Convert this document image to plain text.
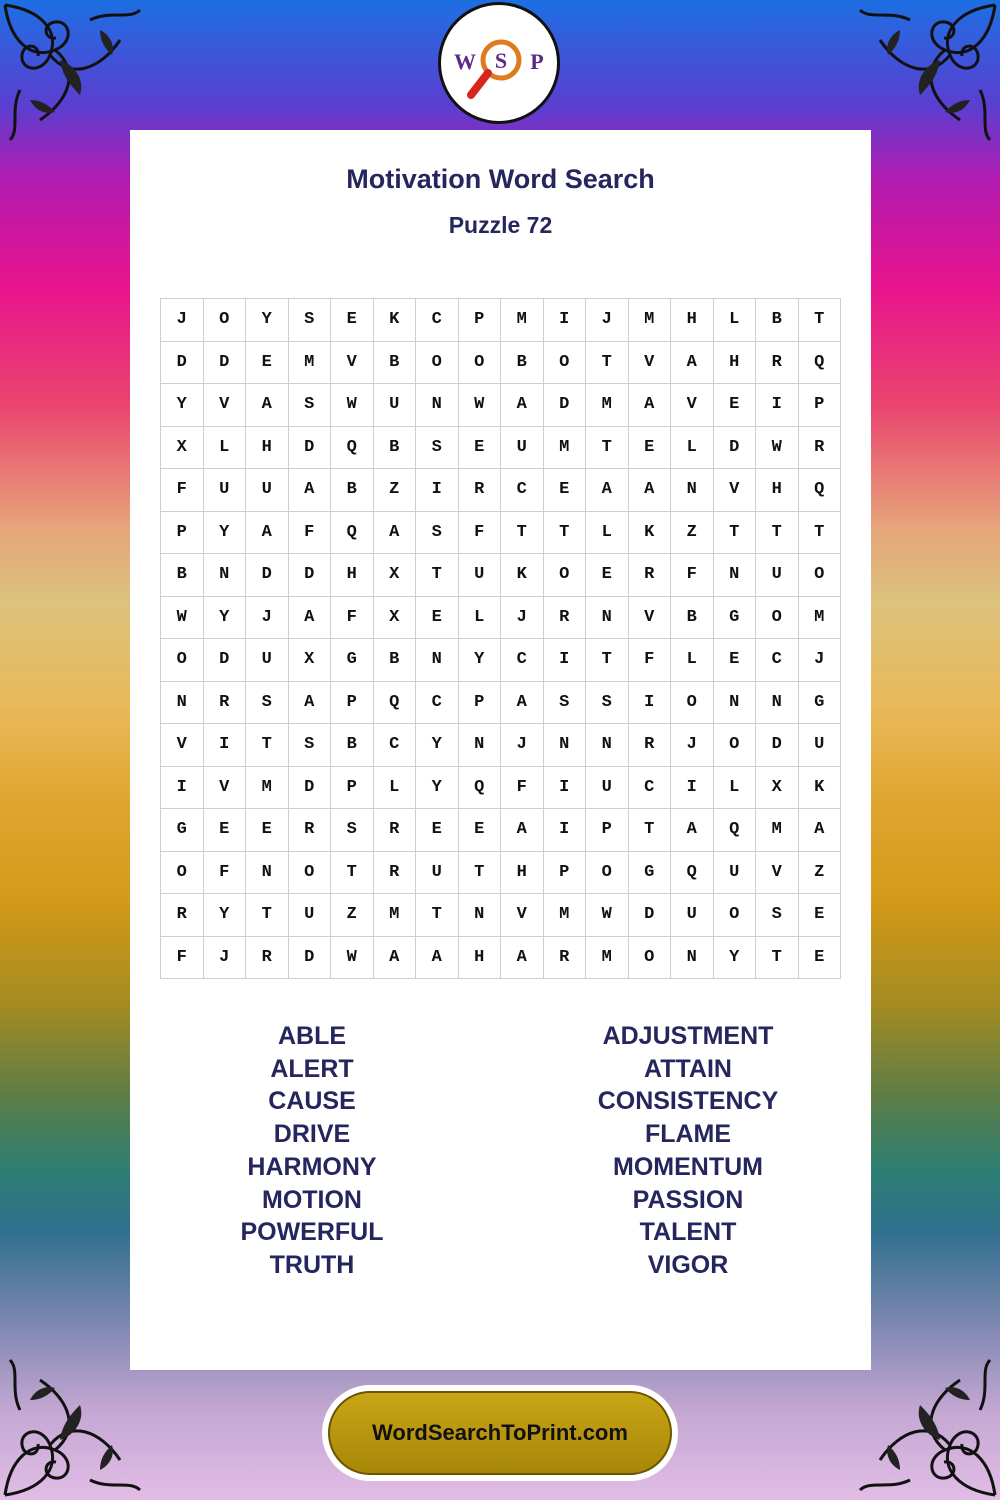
S
W P
Motivation Word Search
Puzzle 72
J	O	Y	S	E	K	C	P	M	I	J	M	H	L	B	T
D	D	E	M	V	B	O	O	B	O	T	V	A	H	R	Q
Y	V	A	S	W	U	N	W	A	D	M	A	V	E	I	P
X	L	H	D	Q	B	S	E	U	M	T	E	L	D	W	R
F	U	U	A	B	Z	I	R	C	E	A	A	N	V	H	Q
P	Y	A	F	Q	A	S	F	T	T	L	K	Z	T	T	T
B	N	D	D	H	X	T	U	K	O	E	R	F	N	U	O
W	Y	J	A	F	X	E	L	J	R	N	V	B	G	O	M
O	D	U	X	G	B	N	Y	C	I	T	F	L	E	C	J
N	R	S	A	P	Q	C	P	A	S	S	I	O	N	N	G
V	I	T	S	B	C	Y	N	J	N	N	R	J	O	D	U
I	V	M	D	P	L	Y	Q	F	I	U	C	I	L	X	K
G	E	E	R	S	R	E	E	A	I	P	T	A	Q	M	A
O	F	N	O	T	R	U	T	H	P	O	G	Q	U	V	Z
R	Y	T	U	Z	M	T	N	V	M	W	D	U	O	S	E
F	J	R	D	W	A	A	H	A	R	M	O	N	Y	T	E
ABLE
ALERT
CAUSE
DRIVE
HARMONY
MOTION
POWERFUL
TRUTH
ADJUSTMENT
ATTAIN
CONSISTENCY
FLAME
MOMENTUM
PASSION
TALENT
VIGOR
WordSearchToPrint.com
